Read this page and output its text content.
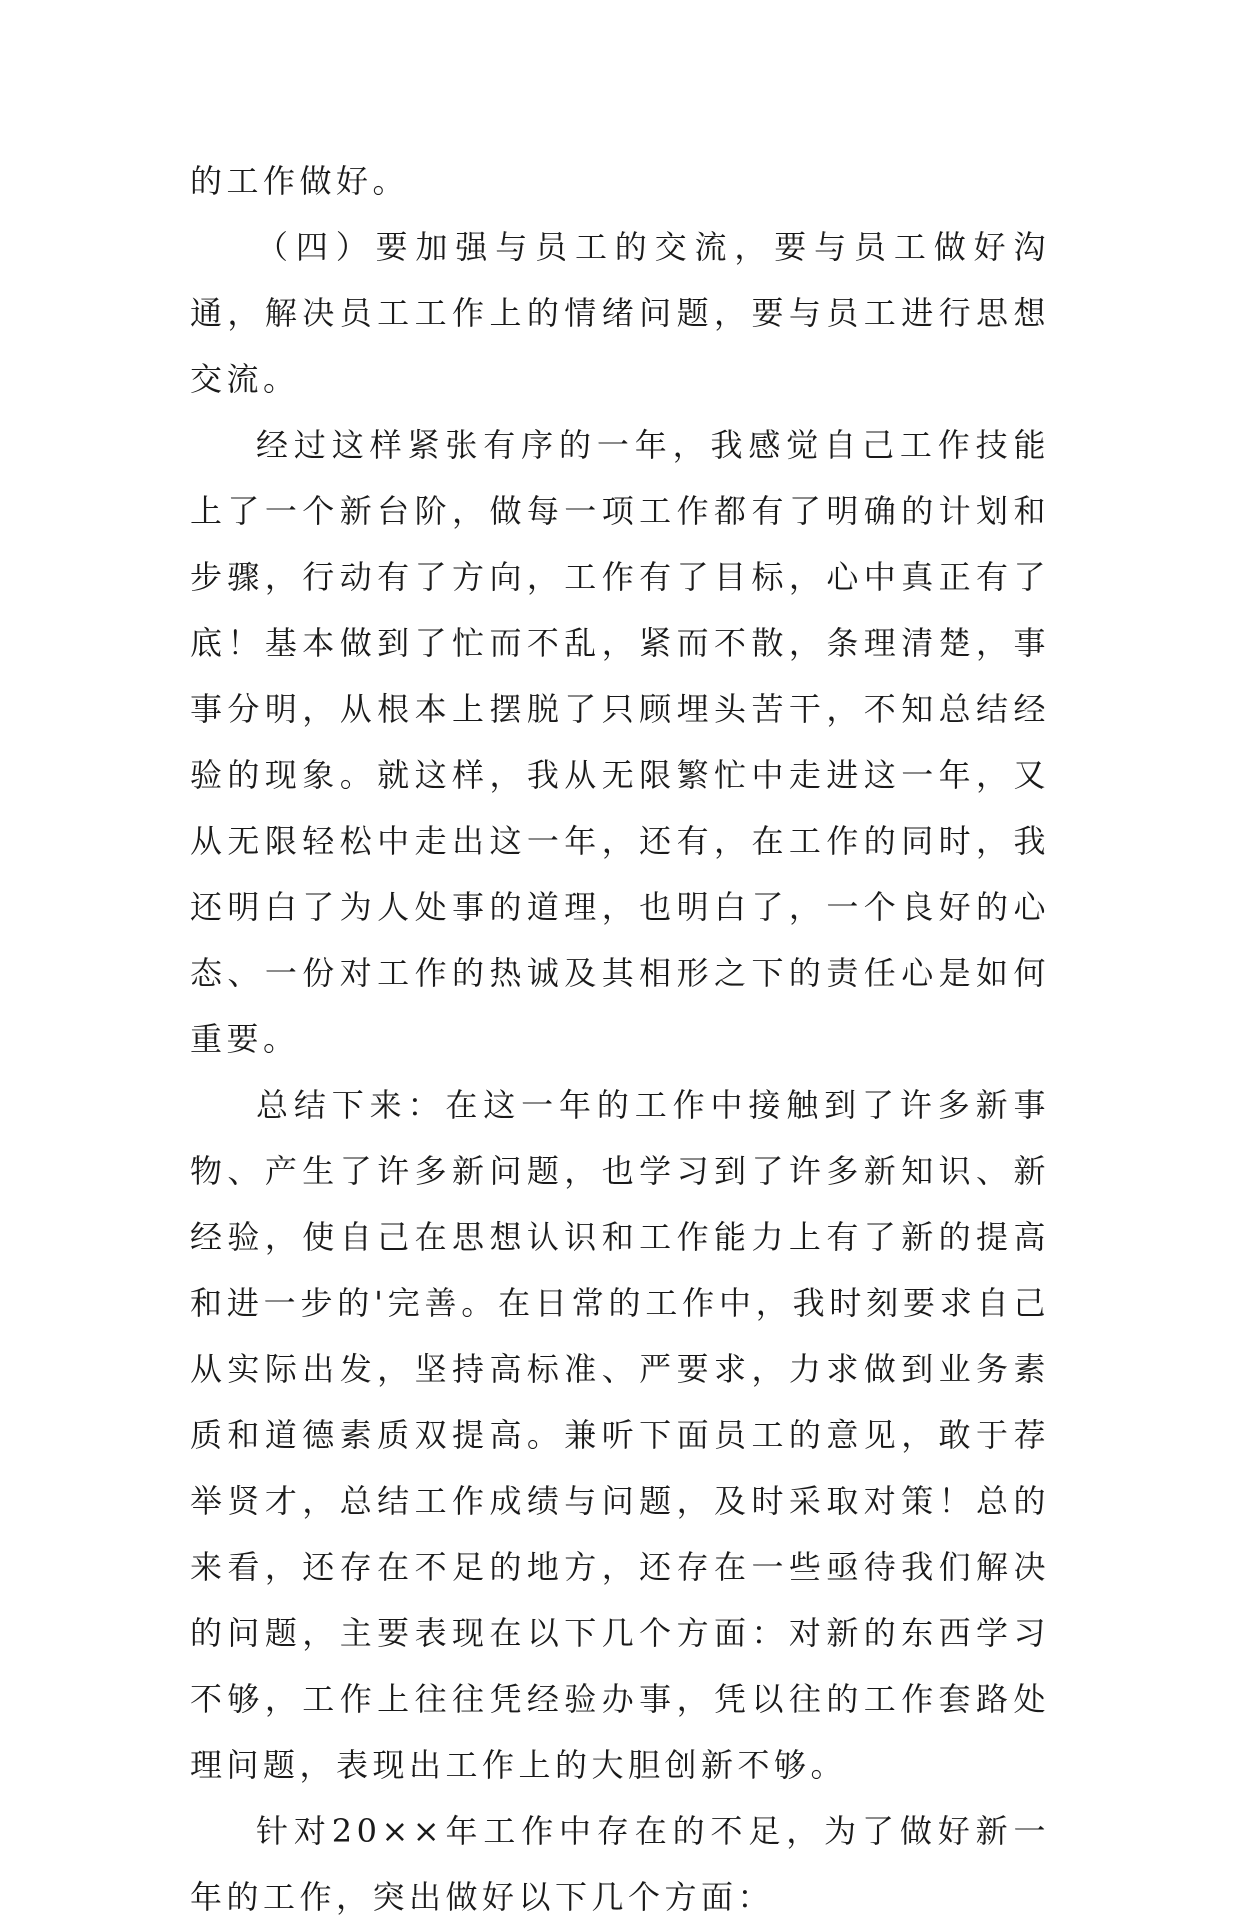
的工作做好。

（四）要加强与员工的交流，要与员工做好沟通，解决员工工作上的情绪问题，要与员工进行思想交流。

经过这样紧张有序的一年，我感觉自己工作技能上了一个新台阶，做每一项工作都有了明确的计划和步骤，行动有了方向，工作有了目标，心中真正有了底！基本做到了忙而不乱，紧而不散，条理清楚，事事分明，从根本上摆脱了只顾埋头苦干，不知总结经验的现象。就这样，我从无限繁忙中走进这一年，又从无限轻松中走出这一年，还有，在工作的同时，我还明白了为人处事的道理，也明白了，一个良好的心态、一份对工作的热诚及其相形之下的责任心是如何重要。

总结下来：在这一年的工作中接触到了许多新事物、产生了许多新问题，也学习到了许多新知识、新经验，使自己在思想认识和工作能力上有了新的提高和进一步的'完善。在日常的工作中，我时刻要求自己从实际出发，坚持高标准、严要求，力求做到业务素质和道德素质双提高。兼听下面员工的意见，敢于荐举贤才，总结工作成绩与问题，及时采取对策！总的来看，还存在不足的地方，还存在一些亟待我们解决的问题，主要表现在以下几个方面：对新的东西学习不够，工作上往往凭经验办事，凭以往的工作套路处理问题，表现出工作上的大胆创新不够。

针对20××年工作中存在的不足，为了做好新一年的工作，突出做好以下几个方面：
